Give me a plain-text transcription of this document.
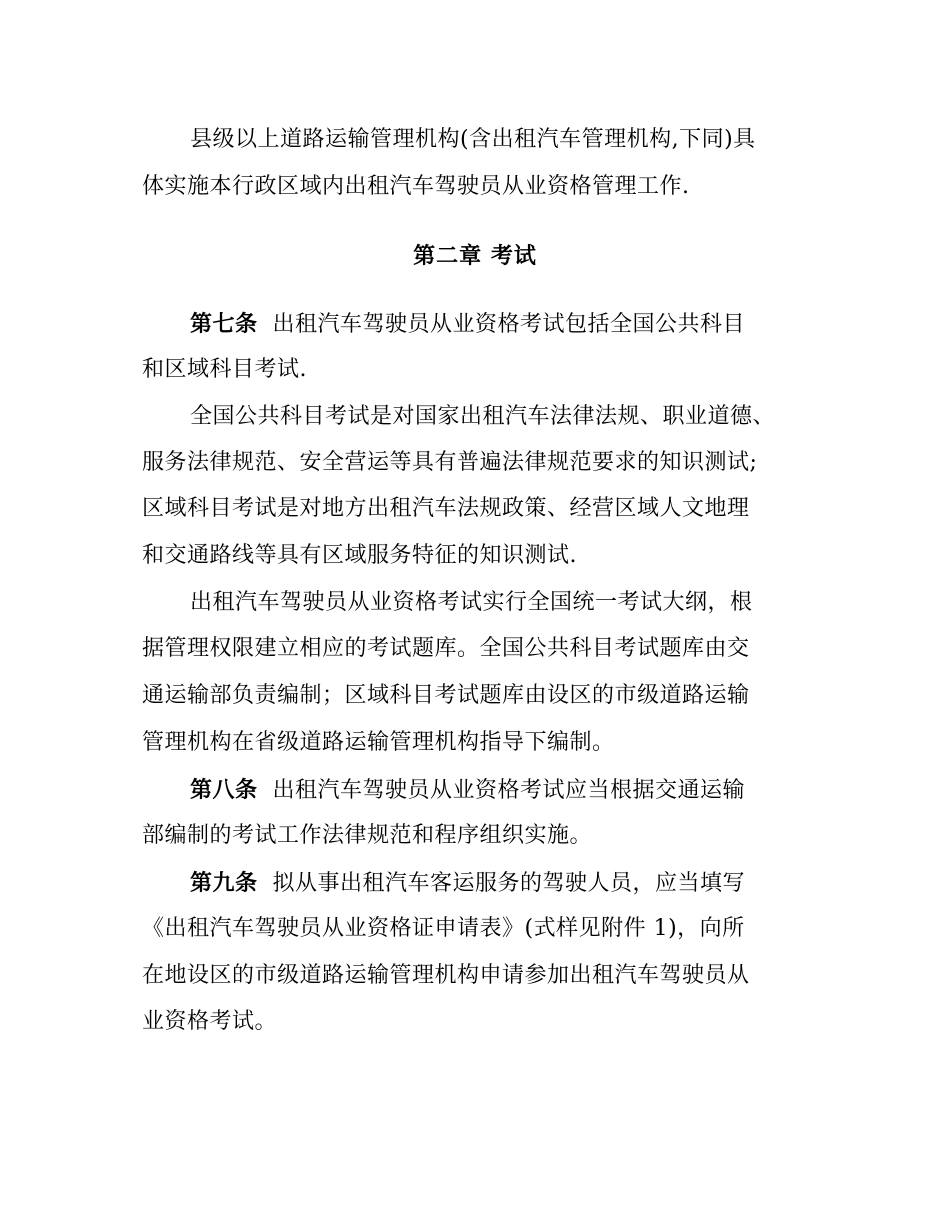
县级以上道路运输管理机构(含出租汽车管理机构,下同)具
体实施本行政区域内出租汽车驾驶员从业资格管理工作.
第二章 考试
第七条 出租汽车驾驶员从业资格考试包括全国公共科目
和区域科目考试.
全国公共科目考试是对国家出租汽车法律法规、职业道德、
服务法律规范、安全营运等具有普遍法律规范要求的知识测试;
区域科目考试是对地方出租汽车法规政策、经营区域人文地理
和交通路线等具有区域服务特征的知识测试.
出租汽车驾驶员从业资格考试实行全国统一考试大纲，根
据管理权限建立相应的考试题库。全国公共科目考试题库由交
通运输部负责编制；区域科目考试题库由设区的市级道路运输
管理机构在省级道路运输管理机构指导下编制。
第八条 出租汽车驾驶员从业资格考试应当根据交通运输
部编制的考试工作法律规范和程序组织实施。
第九条 拟从事出租汽车客运服务的驾驶人员，应当填写
《出租汽车驾驶员从业资格证申请表》(式样见附件 1)，向所
在地设区的市级道路运输管理机构申请参加出租汽车驾驶员从
业资格考试。
